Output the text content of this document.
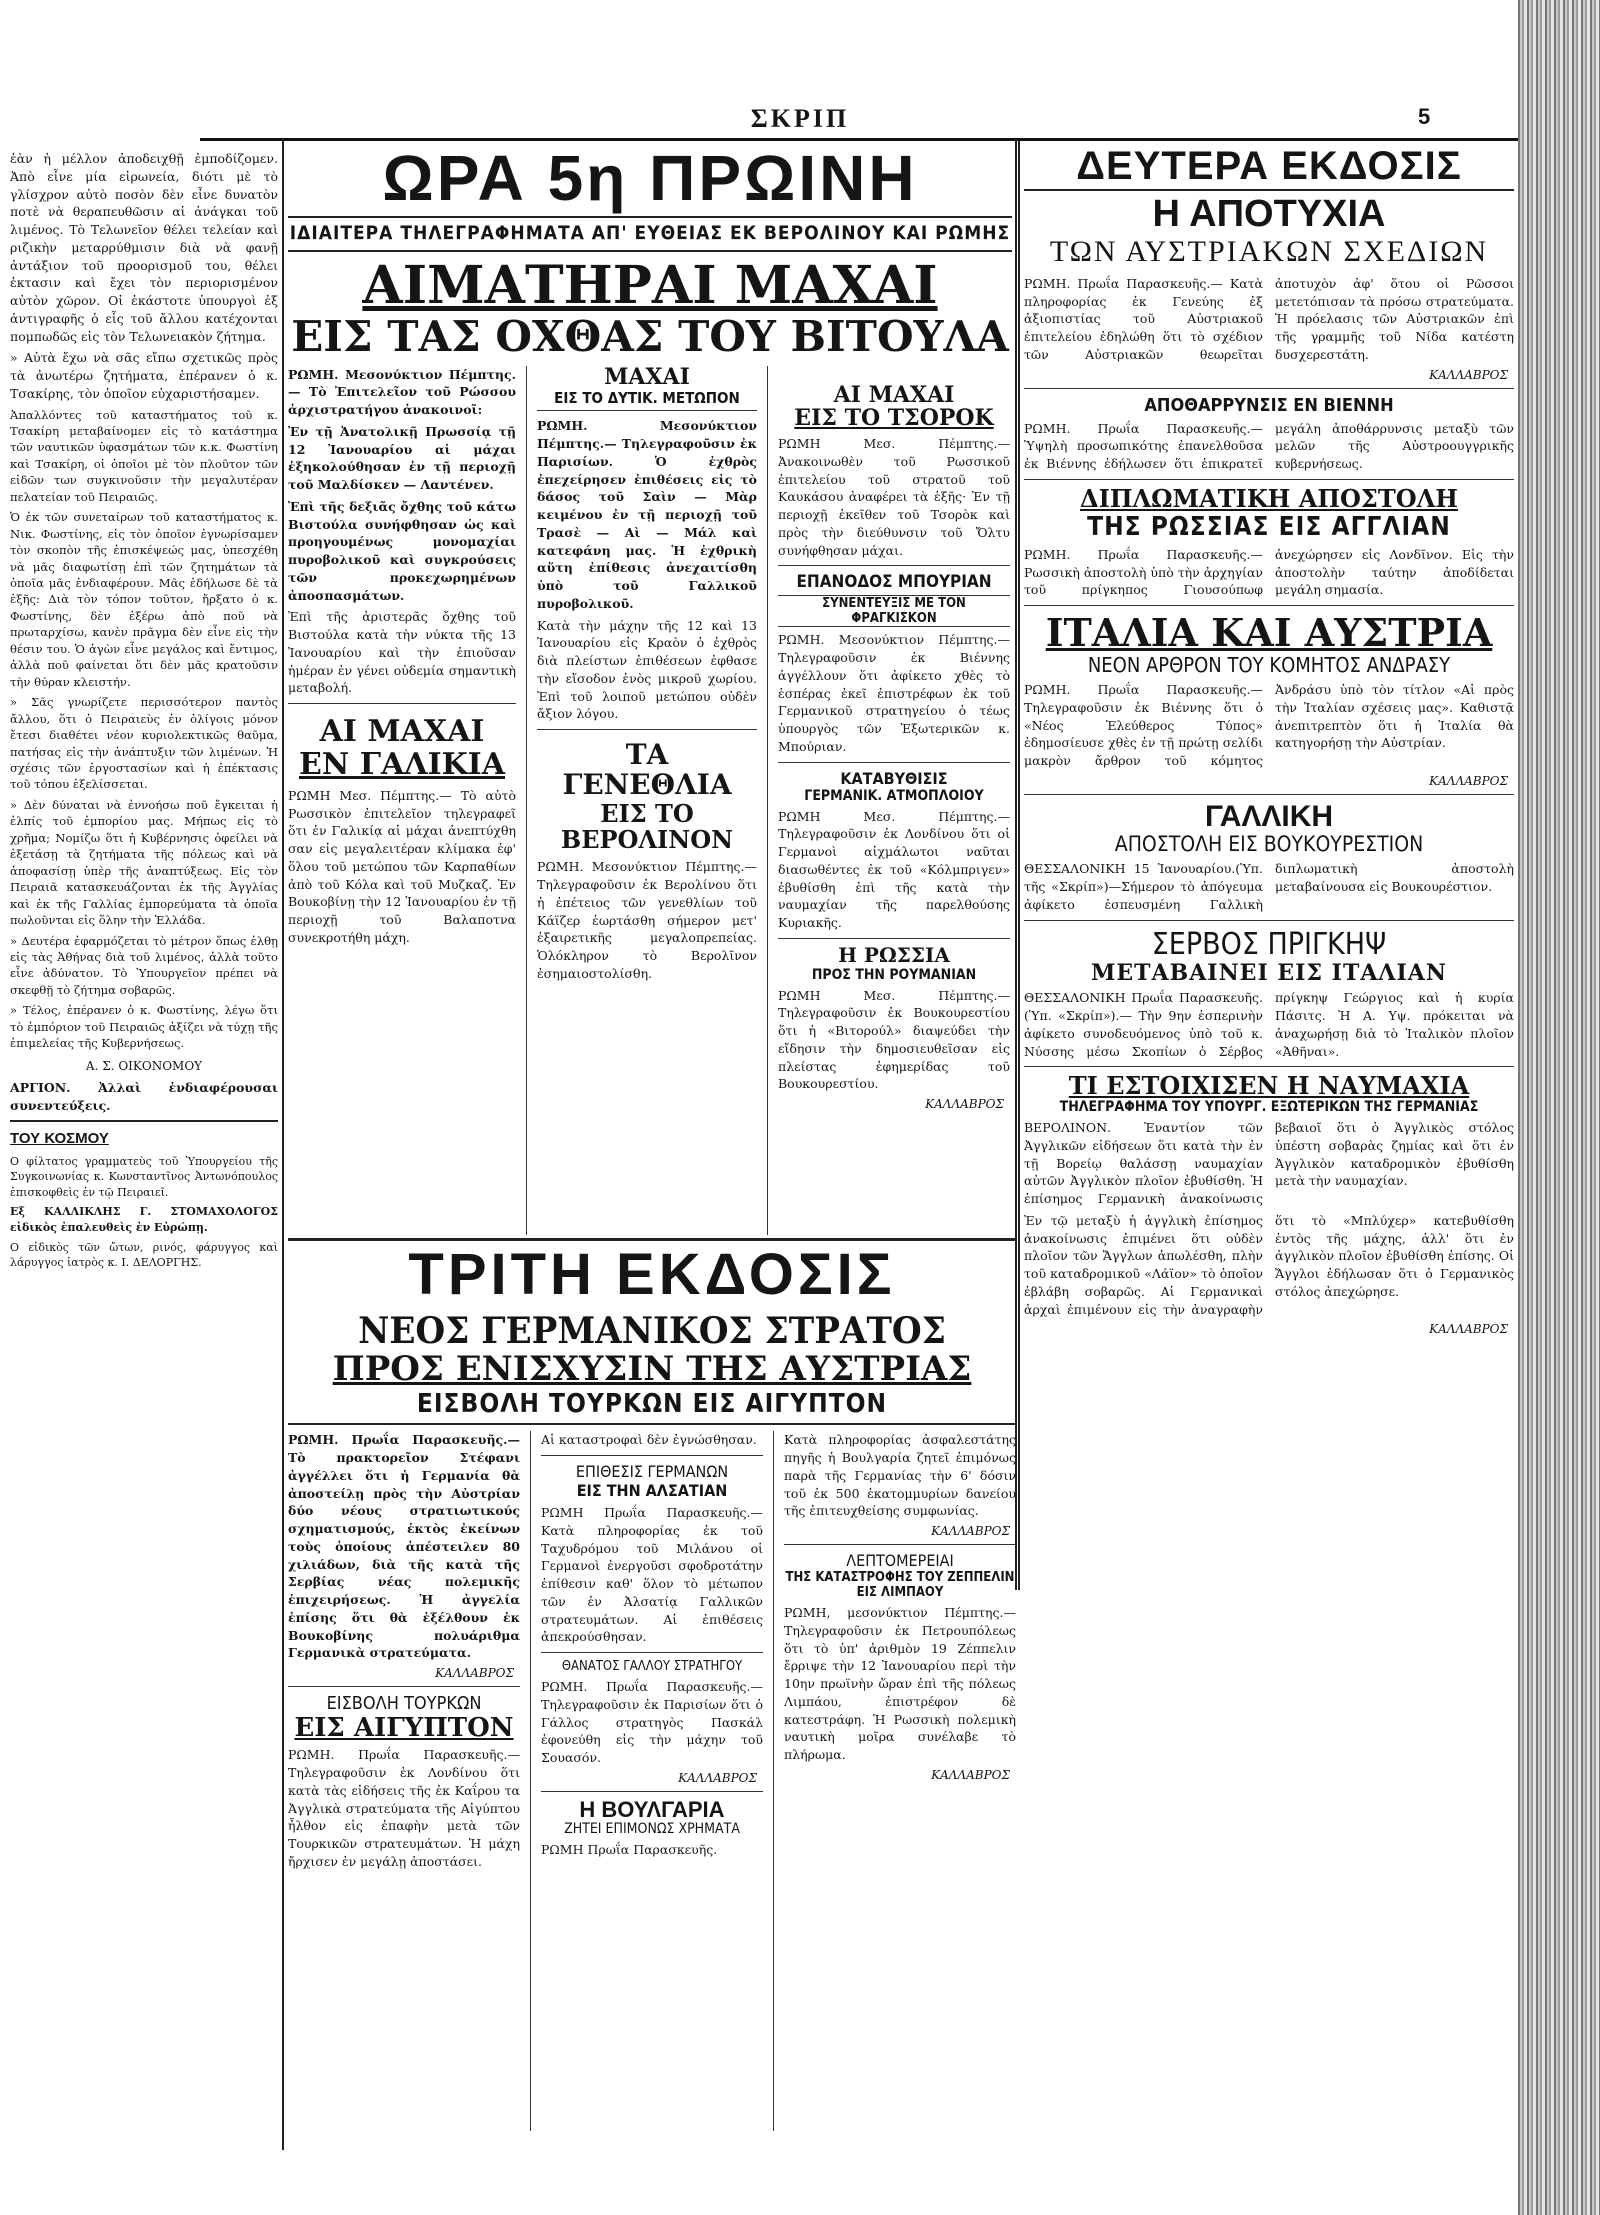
ΣΚΡΙΠ	5

ἐὰν ἡ μέλλον ἀποδειχθῇ ἐμποδίζομεν. Ἀπὸ εἶνε μία εἰρωνεία, διότι μὲ τὸ γλίσχρον αὐτὸ ποσὸν δὲν εἶνε δυνατὸν ποτὲ νὰ θεραπευθῶσιν αἱ ἀνάγκαι τοῦ λιμένος. Τὸ Τελωνεῖον θέλει τελείαν καὶ ριζικὴν μεταρρύθμισιν διὰ νὰ φανῇ ἀντάξιον τοῦ προορισμοῦ του, θέλει ἐκτασιν καὶ ἔχει τὸν περιορισμένον αὐτὸν χῶρον. Οἱ ἐκάστοτε ὑπουργοὶ ἐξ ἀντιγραφῆς ὁ εἷς τοῦ ἄλλου κατέχονται πομπωδῶς εἰς τὸν Τελωνειακὸν ζήτημα.

» Αὐτὰ ἔχω νὰ σᾶς εἴπω σχετικῶς πρὸς τὰ ἀνωτέρω ζητήματα, ἐπέρανεν ὁ κ. Τσακίρης, τὸν ὁποῖον εὐχαριστήσαμεν.

Ἀπαλλόντες τοῦ καταστήματος τοῦ κ. Τσακίρη μεταβαίνομεν εἰς τὸ κατάστημα τῶν ναυτικῶν ὑφασμάτων τῶν κ.κ. Φωστίνη καὶ Τσακίρη, οἱ ὁποῖοι μὲ τὸν πλοῦτον τῶν εἰδῶν των συγκινοῦσιν τὴν μεγαλυτέραν πελατείαν τοῦ Πειραιῶς.

Ὁ ἐκ τῶν συνεταίρων τοῦ καταστήματος κ. Νικ. Φωστίνης, εἰς τὸν ὁποῖον ἐγνωρίσαμεν τὸν σκοπὸν τῆς ἐπισκέψεώς μας, ὑπεσχέθη νὰ μᾶς διαφωτίσῃ ἐπὶ τῶν ζητημάτων τὰ ὁποῖα μᾶς ἐνδιαφέρουν. Μᾶς ἐδήλωσε δὲ τὰ ἑξῆς: Διὰ τὸν τόπον τοῦτον, ἤρξατο ὁ κ. Φωστίνης, δὲν ἐξέρω ἀπὸ ποῦ νὰ πρωταρχίσω, κανὲν πρᾶγμα δὲν εἶνε εἰς τὴν θέσιν του. Ὁ ἀγὼν εἶνε μεγάλος καὶ ἔντιμος, ἀλλὰ ποῦ φαίνεται ὅτι δὲν μᾶς κρατοῦσιν τὴν θύραν κλειστήν.

» Σᾶς γνωρίζετε περισσότερον παντὸς ἄλλου, ὅτι ὁ Πειραιεὺς ἐν ὀλίγοις μόνον ἔτεσι διαθέτει νέον κυριολεκτικῶς θαῦμα, πατήσας εἰς τὴν ἀνάπτυξιν τῶν λιμένων. Ἡ σχέσις τῶν ἐργοστασίων καὶ ἡ ἐπέκτασις τοῦ τόπου ἐξελίσσεται.

» Δὲν δύναται νὰ ἐννοήσω ποῦ ἔγκειται ἡ ἐλπίς τοῦ ἐμπορίου μας. Μήπως εἰς τὸ χρῆμα; Νομίζω ὅτι ἡ Κυβέρνησις ὀφείλει νὰ ἐξετάσῃ τὰ ζητήματα τῆς πόλεως καὶ νὰ ἀποφασίσῃ ὑπὲρ τῆς ἀναπτύξεως. Εἰς τὸν Πειραιᾶ κατασκευάζονται ἐκ τῆς Ἀγγλίας καὶ ἐκ τῆς Γαλλίας ἐμπορεύματα τὰ ὁποῖα πωλοῦνται εἰς ὅλην τὴν Ἑλλάδα.

» Δευτέρα ἐφαρμόζεται τὸ μέτρον ὅπως ἐλθῃ εἰς τὰς Ἀθήνας διὰ τοῦ λιμένος, ἀλλὰ τοῦτο εἶνε ἀδύνατον. Τὸ Ὑπουργεῖον πρέπει νὰ σκεφθῇ τὸ ζήτημα σοβαρῶς.

» Τέλος, ἐπέρανεν ὁ κ. Φωστίνης, λέγω ὅτι τὸ ἐμπόριον τοῦ Πειραιῶς ἀξίζει νὰ τύχῃ τῆς ἐπιμελείας τῆς Κυβερνήσεως.

Α. Σ. ΟΙΚΟΝΟΜΟΥ

ΑΡΓΙΟΝ. Ἀλλαὶ ἐνδιαφέρουσαι συνεντεύξεις.

ΤΟΥ ΚΟΣΜΟΥ

Ο φίλτατος γραμματεὺς τοῦ Ὑπουργείου τῆς Συγκοινωνίας κ. Κωνσταντῖνος Ἀντωνόπουλος ἐπισκοφθεὶς ἐν τῷ Πειραιεῖ.

Εξ ΚΑΛΛΙΚΛΗΣ Γ. ΣΤΟΜΑΧΟΛΟΓΟΣ εἰδικὸς ἐπαλευθεὶς ἐν Εὐρώπῃ.

Ο εἰδικὸς τῶν ὤτων, ρινός, φάρυγγος καὶ λάρυγγος ἰατρὸς κ. Ι. ΔΕΛΟΡΓΗΣ.

ΩΡΑ 5η ΠΡΩΙΝΗ
ΙΔΙΑΙΤΕΡΑ ΤΗΛΕΓΡΑΦΗΜΑΤΑ ΑΠ' ΕΥΘΕΙΑΣ ΕΚ ΒΕΡΟΛΙΝΟΥ ΚΑΙ ΡΩΜΗΣ
ΑΙΜΑΤΗΡΑΙ ΜΑΧΑΙ
ΕΙΣ ΤΑΣ ΟΧΘΑΣ ΤΟΥ ΒΙΤΟΥΛΑ

ΡΩΜΗ. Μεσονύκτιον Πέμπτης.— Τὸ Ἐπιτελεῖον τοῦ Ρώσσου ἀρχιστρατήγου ἀνακοινοῖ:

Ἐν τῇ Ἀνατολικῇ Πρωσσίᾳ τῇ 12 Ἰανουαρίου αἱ μάχαι ἐξηκολούθησαν ἐν τῇ περιοχῇ τοῦ Μαλδίσκεν — Λαντένεν.

Ἐπὶ τῆς δεξιᾶς ὄχθης τοῦ κάτω Βιστούλα συνήφθησαν ὡς καὶ προηγουμένως μονομαχίαι πυροβολικοῦ καὶ συγκρούσεις τῶν προκεχωρημένων ἀποσπασμάτων.

Ἐπὶ τῆς ἀριστερᾶς ὄχθης τοῦ Βιστούλα κατὰ τὴν νύκτα τῆς 13 Ἰανουαρίου καὶ τὴν ἐπιοῦσαν ἡμέραν ἐν γένει οὐδεμία σημαντικὴ μεταβολή.

ΑΙ ΜΑΧΑΙ
ΕΝ ΓΑΛΙΚΙΑ

ΡΩΜΗ Μεσ. Πέμπτης.— Τὸ αὐτὸ Ρωσσικὸν ἐπιτελεῖον τηλεγραφεῖ ὅτι ἐν Γαλικίᾳ αἱ μάχαι ἀνεπτύχθη σαν εἰς μεγαλειτέραν κλίμακα ἐφ' ὅλου τοῦ μετώπου τῶν Καρπαθίων ἀπὸ τοῦ Κόλα καὶ τοῦ Μυζκαζ. Ἐν Βουκοβίνῃ τὴν 12 Ἰανουαρίου ἐν τῇ περιοχῇ τοῦ Βαλαποτνα συνεκροτήθη μάχη.

ΜΑΧΑΙ
ΕΙΣ ΤΟ ΔΥΤΙΚ. ΜΕΤΩΠΟΝ

ΡΩΜΗ. Μεσονύκτιον Πέμπτης.— Τηλεγραφοῦσιν ἐκ Παρισίων. Ὁ ἐχθρὸς ἐπεχείρησεν ἐπιθέσεις εἰς τὸ δάσος τοῦ Σαὶν — Μὰρ κειμένου ἐν τῇ περιοχῇ τοῦ Τρασὲ — Αὶ — Μάλ καὶ κατεφάνη μας. Ἡ ἐχθρικὴ αὕτη ἐπίθεσις ἀνεχαιτίσθη ὑπὸ τοῦ Γαλλικοῦ πυροβολικοῦ.

Κατὰ τὴν μάχην τῆς 12 καὶ 13 Ἰανουαρίου εἰς Κραὸν ὁ ἐχθρὸς διὰ πλείστων ἐπιθέσεων ἐφθασε τὴν εἴσοδον ἑνὸς μικροῦ χωρίου. Ἐπὶ τοῦ λοιποῦ μετώπου οὐδὲν ἄξιον λόγου.

ΤΑ ΓΕΝΕΘΛΙΑ
ΕΙΣ ΤΟ ΒΕΡΟΛΙΝΟΝ

ΡΩΜΗ. Μεσονύκτιον Πέμπτης.— Τηλεγραφοῦσιν ἐκ Βερολίνου ὅτι ἡ ἐπέτειος τῶν γενεθλίων τοῦ Κάϊζερ ἑωρτάσθη σήμερον μετ' ἐξαιρετικῆς μεγαλοπρεπείας. Ὁλόκληρον τὸ Βερολῖνον ἐσημαιοστολίσθη.

ΑΙ ΜΑΧΑΙ
ΕΙΣ ΤΟ ΤΣΟΡΟΚ

ΡΩΜΗ Μεσ. Πέμπτης.— Ἀνακοινωθὲν τοῦ Ρωσσικοῦ ἐπιτελείου τοῦ στρατοῦ τοῦ Καυκάσου ἀναφέρει τὰ ἑξῆς· Ἐν τῇ περιοχῇ ἐκεῖθεν τοῦ Τσορὸκ καὶ πρὸς τὴν διεύθυνσιν τοῦ Ὄλτυ συνήφθησαν μάχαι.

ΕΠΑΝΟΔΟΣ ΜΠΟΥΡΙΑΝ
ΣΥΝΕΝΤΕΥΞΙΣ ΜΕ ΤΟΝ ΦΡΑΓΚΙΣΚΟΝ

ΡΩΜΗ. Μεσονύκτιον Πέμπτης.— Τηλεγραφοῦσιν ἐκ Βιέννης ἀγγέλλουν ὅτι ἀφίκετο χθὲς τὸ ἑσπέρας ἐκεῖ ἐπιστρέφων ἐκ τοῦ Γερμανικοῦ στρατηγείου ὁ τέως ὑπουργὸς τῶν Ἐξωτερικῶν κ. Μπούριαν.

ΚΑΤΑΒΥΘΙΣΙΣ
ΓΕΡΜΑΝΙΚ. ΑΤΜΟΠΛΟΙΟΥ

ΡΩΜΗ Μεσ. Πέμπτης.— Τηλεγραφοῦσιν ἐκ Λονδίνου ὅτι οἱ Γερμανοὶ αἰχμάλωτοι ναῦται διασωθέντες ἐκ τοῦ «Κόλμπριγεν» ἐβυθίσθη ἐπὶ τῆς κατὰ τὴν ναυμαχίαν τῆς παρελθούσης Κυριακῆς.

Η ΡΩΣΣΙΑ
ΠΡΟΣ ΤΗΝ ΡΟΥΜΑΝΙΑΝ

ΡΩΜΗ Μεσ. Πέμπτης.— Τηλεγραφοῦσιν ἐκ Βουκουρεστίου ὅτι ἡ «Βιτορούλ» διαψεύδει τὴν εἴδησιν τὴν δημοσιευθεῖσαν εἰς πλείστας ἐφημερίδας τοῦ Βουκουρεστίου.

ΚΑΛΛΑΒΡΟΣ
ΔΕΥΤΕΡΑ ΕΚΔΟΣΙΣ
Η ΑΠΟΤΥΧΙΑ
ΤΩΝ ΑΥΣΤΡΙΑΚΩΝ ΣΧΕΔΙΩΝ

ΡΩΜΗ. Πρωΐα Παρασκευῆς.— Κατὰ πληροφορίας ἐκ Γενεύης ἐξ ἀξιοπιστίας τοῦ Αὐστριακοῦ ἐπιτελείου ἐδηλώθη ὅτι τὸ σχέδιον τῶν Αὐστριακῶν θεωρεῖται ἀποτυχὸν ἀφ' ὅτου οἱ Ρῶσσοι μετετόπισαν τὰ πρόσω στρατεύματα. Ἡ πρόελασις τῶν Αὐστριακῶν ἐπὶ τῆς γραμμῆς τοῦ Νίδα κατέστη δυσχερεστάτη.

ΚΑΛΛΑΒΡΟΣ
ΑΠΟΘΑΡΡΥΝΣΙΣ ΕΝ ΒΙΕΝΝΗ

ΡΩΜΗ. Πρωΐα Παρασκευῆς.— Ὑψηλὴ προσωπικότης ἐπανελθοῦσα ἐκ Βιέννης ἐδήλωσεν ὅτι ἐπικρατεῖ μεγάλη ἀποθάρρυνσις μεταξὺ τῶν μελῶν τῆς Αὐστροουγγρικῆς κυβερνήσεως.

ΔΙΠΛΩΜΑΤΙΚΗ ΑΠΟΣΤΟΛΗ
ΤΗΣ ΡΩΣΣΙΑΣ ΕΙΣ ΑΓΓΛΙΑΝ

ΡΩΜΗ. Πρωΐα Παρασκευῆς.— Ρωσσικὴ ἀποστολὴ ὑπὸ τὴν ἀρχηγίαν τοῦ πρίγκηπος Γιουσούπωφ ἀνεχώρησεν εἰς Λονδῖνον. Εἰς τὴν ἀποστολὴν ταύτην ἀποδίδεται μεγάλη σημασία.

ΙΤΑΛΙΑ ΚΑΙ ΑΥΣΤΡΙΑ
ΝΕΟΝ ΑΡΘΡΟΝ ΤΟΥ ΚΟΜΗΤΟΣ ΑΝΔΡΑΣΥ

ΡΩΜΗ. Πρωΐα Παρασκευῆς.— Τηλεγραφοῦσιν ἐκ Βιέννης ὅτι ὁ «Νέος Ἐλεύθερος Τύπος» ἐδημοσίευσε χθὲς ἐν τῇ πρώτῃ σελίδι μακρὸν ἄρθρον τοῦ κόμητος Ἀνδράσυ ὑπὸ τὸν τίτλον «Αἱ πρὸς τὴν Ἰταλίαν σχέσεις μας». Καθιστᾷ ἀνεπιτρεπτὸν ὅτι ἡ Ἰταλία θὰ κατηγορήσῃ τὴν Αὐστρίαν.

ΚΑΛΛΑΒΡΟΣ
ΓΑΛΛΙΚΗ
ΑΠΟΣΤΟΛΗ ΕΙΣ ΒΟΥΚΟΥΡΕΣΤΙΟΝ

ΘΕΣΣΑΛΟΝΙΚΗ 15 Ἰανουαρίου.(Ὑπ. τῆς «Σκρίπ»)—Σήμερον τὸ ἀπόγευμα ἀφίκετο ἐσπευσμένη Γαλλικὴ διπλωματικὴ ἀποστολὴ μεταβαίνουσα εἰς Βουκουρέστιον.

ΣΕΡΒΟΣ ΠΡΙΓΚΗΨ
ΜΕΤΑΒΑΙΝΕΙ ΕΙΣ ΙΤΑΛΙΑΝ

ΘΕΣΣΑΛΟΝΙΚΗ Πρωΐα Παρασκευῆς. (Ὑπ. «Σκρίπ»).— Τὴν 9ην ἑσπερινὴν ἀφίκετο συνοδευόμενος ὑπὸ τοῦ κ. Νύσσης μέσω Σκοπίων ὁ Σέρβος πρίγκηψ Γεώργιος καὶ ἡ κυρία Πάσιτς. Ἡ Α. Υψ. πρόκειται νὰ ἀναχωρήσῃ διὰ τὸ Ἰταλικὸν πλοῖον «Ἀθῆναι».

ΤΙ ΕΣΤΟΙΧΙΣΕΝ Η ΝΑΥΜΑΧΙΑ
ΤΗΛΕΓΡΑΦΗΜΑ ΤΟΥ ΥΠΟΥΡΓ. ΕΞΩΤΕΡΙΚΩΝ ΤΗΣ ΓΕΡΜΑΝΙΑΣ

ΒΕΡΟΛΙΝΟΝ. Ἐναντίον τῶν Ἀγγλικῶν εἰδήσεων ὅτι κατὰ τὴν ἐν τῇ Βορείῳ θαλάσσῃ ναυμαχίαν αὐτῶν Ἀγγλικὸν πλοῖον ἐβυθίσθη. Ἡ ἐπίσημος Γερμανικὴ ἀνακοίνωσις βεβαιοῖ ὅτι ὁ Ἀγγλικὸς στόλος ὑπέστη σοβαρὰς ζημίας καὶ ὅτι ἐν Ἀγγλικὸν καταδρομικὸν ἐβυθίσθη μετὰ τὴν ναυμαχίαν.

Ἐν τῷ μεταξὺ ἡ ἀγγλικὴ ἐπίσημος ἀνακοίνωσις ἐπιμένει ὅτι οὐδὲν πλοῖον τῶν Ἄγγλων ἀπωλέσθη, πλὴν τοῦ καταδρομικοῦ «Λάϊον» τὸ ὁποῖον ἐβλάβη σοβαρῶς. Αἱ Γερμανικαὶ ἀρχαὶ ἐπιμένουν εἰς τὴν ἀναγραφὴν ὅτι τὸ «Μπλύχερ» κατεβυθίσθη ἐντὸς τῆς μάχης, ἀλλ' ὅτι ἐν ἀγγλικὸν πλοῖον ἐβυθίσθη ἐπίσης. Οἱ Ἄγγλοι ἐδήλωσαν ὅτι ὁ Γερμανικὸς στόλος ἀπεχώρησε.

ΚΑΛΛΑΒΡΟΣ
ΤΡΙΤΗ ΕΚΔΟΣΙΣ
ΝΕΟΣ ΓΕΡΜΑΝΙΚΟΣ ΣΤΡΑΤΟΣ
ΠΡΟΣ ΕΝΙΣΧΥΣΙΝ ΤΗΣ ΑΥΣΤΡΙΑΣ
ΕΙΣΒΟΛΗ ΤΟΥΡΚΩΝ ΕΙΣ ΑΙΓΥΠΤΟΝ

ΡΩΜΗ. Πρωΐα Παρασκευῆς.— Τὸ πρακτορεῖον Στέφανι ἀγγέλλει ὅτι ἡ Γερμανία θὰ ἀποστείλῃ πρὸς τὴν Αὐστρίαν δύο νέους στρατιωτικούς σχηματισμούς, ἐκτὸς ἐκείνων τοὺς ὁποίους ἀπέστειλεν 80 χιλιάδων, διὰ τῆς κατὰ τῆς Σερβίας νέας πολεμικῆς ἐπιχειρήσεως. Ἡ ἀγγελία ἐπίσης ὅτι θὰ ἐξέλθουν ἐκ Βουκοβίνης πολυάριθμα Γερμανικὰ στρατεύματα.

ΚΑΛΛΑΒΡΟΣ
ΕΙΣΒΟΛΗ ΤΟΥΡΚΩΝ
ΕΙΣ ΑΙΓΥΠΤΟΝ

ΡΩΜΗ. Πρωΐα Παρασκευῆς.— Τηλεγραφοῦσιν ἐκ Λονδίνου ὅτι κατὰ τὰς εἰδήσεις τῆς ἐκ Καΐρου τα Ἀγγλικὰ στρατεύματα τῆς Αἰγύπτου ἦλθον εἰς ἐπαφὴν μετὰ τῶν Τουρκικῶν στρατευμάτων. Ἡ μάχη ἤρχισεν ἐν μεγάλῃ ἀποστάσει.

Αἱ καταστροφαὶ δὲν ἐγνώσθησαν.

ΕΠΙΘΕΣΙΣ ΓΕΡΜΑΝΩΝ
ΕΙΣ ΤΗΝ ΑΛΣΑΤΙΑΝ

ΡΩΜΗ Πρωΐα Παρασκευῆς.— Κατὰ πληροφορίας ἐκ τοῦ Ταχυδρόμου τοῦ Μιλάνου οἱ Γερμανοὶ ἐνεργοῦσι σφοδροτάτην ἐπίθεσιν καθ' ὅλον τὸ μέτωπον τῶν ἐν Ἀλσατίᾳ Γαλλικῶν στρατευμάτων. Αἱ ἐπιθέσεις ἀπεκρούσθησαν.

ΘΑΝΑΤΟΣ ΓΑΛΛΟΥ ΣΤΡΑΤΗΓΟΥ

ΡΩΜΗ. Πρωΐα Παρασκευῆς.— Τηλεγραφοῦσιν ἐκ Παρισίων ὅτι ὁ Γάλλος στρατηγὸς Πασκάλ ἐφονεύθη εἰς τὴν μάχην τοῦ Σουασόν.

ΚΑΛΛΑΒΡΟΣ
Η ΒΟΥΛΓΑΡΙΑ
ΖΗΤΕΙ ΕΠΙΜΟΝΩΣ ΧΡΗΜΑΤΑ

ΡΩΜΗ Πρωΐα Παρασκευῆς.

Κατὰ πληροφορίας ἀσφαλεστάτης πηγῆς ἡ Βουλγαρία ζητεῖ ἐπιμόνως παρὰ τῆς Γερμανίας τὴν 6' δόσιν τοῦ ἐκ 500 ἑκατομμυρίων δανείου τῆς ἐπιτευχθείσης συμφωνίας.

ΚΑΛΛΑΒΡΟΣ
ΛΕΠΤΟΜΕΡΕΙΑΙ
ΤΗΣ ΚΑΤΑΣΤΡΟΦΗΣ ΤΟΥ ΖΕΠΠΕΛΙΝ ΕΙΣ ΛΙΜΠΑΟΥ

ΡΩΜΗ, μεσονύκτιον Πέμπτης.— Τηλεγραφοῦσιν ἐκ Πετρουπόλεως ὅτι τὸ ὑπ' ἀριθμὸν 19 Ζέππελιν ἔρριψε τὴν 12 Ἰανουαρίου περὶ τὴν 10ην πρωϊνὴν ὥραν ἐπὶ τῆς πόλεως Λιμπάου, ἐπιστρέφον δὲ κατεστράφη. Ἡ Ρωσσικὴ πολεμικὴ ναυτικὴ μοῖρα συνέλαβε τὸ πλήρωμα.

ΚΑΛΛΑΒΡΟΣ
